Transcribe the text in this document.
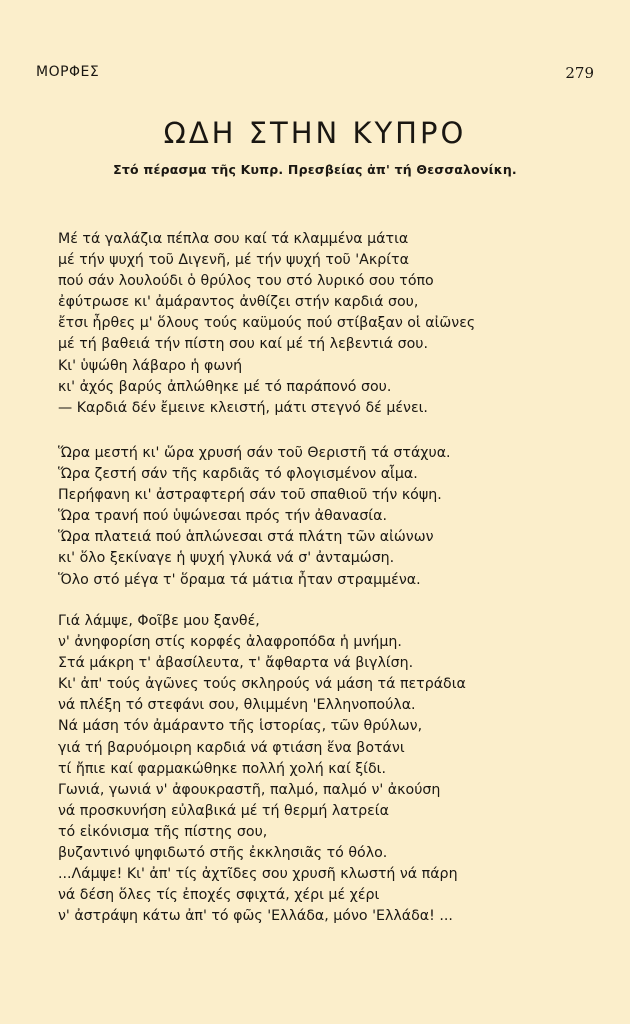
ΜΟΡΦΕΣ	279
ΩΔΗ ΣΤΗΝ ΚΥΠΡΟ
Στό πέρασμα τῆς Κυπρ. Πρεσβείας ἀπ' τή Θεσσαλονίκη.
Μέ τά γαλάζια πέπλα σου καί τά κλαμμένα μάτια
μέ τήν ψυχή τοῦ Διγενῆ, μέ τήν ψυχή τοῦ 'Ακρίτα
πού σάν λουλούδι ὁ θρύλος του στό λυρικό σου τόπο
ἐφύτρωσε κι' ἀμάραντος ἀνθίζει στήν καρδιά σου,
ἔτσι ἦρθες μ' ὅλους τούς καϋμούς πού στίβαξαν οἱ αἰῶνες
μέ τή βαθειά τήν πίστη σου καί μέ τή λεβεντιά σου.
Κι' ὑψώθη λάβαρο ἡ φωνή
κι' ἀχός βαρύς ἀπλώθηκε μέ τό παράπονό σου.
— Καρδιά δέν ἔμεινε κλειστή, μάτι στεγνό δέ μένει.
Ὥρα μεστή κι' ὥρα χρυσή σάν τοῦ Θεριστῆ τά στάχυα.
Ὥρα ζεστή σάν τῆς καρδιᾶς τό φλογισμένον αἷμα.
Περήφανη κι' ἀστραφτερή σάν τοῦ σπαθιοῦ τήν κόψη.
Ὥρα τρανή πού ὑψώνεσαι πρός τήν ἀθανασία.
Ὥρα πλατειά πού ἁπλώνεσαι στά πλάτη τῶν αἰώνων
κι' ὅλο ξεκίναγε ἡ ψυχή γλυκά νά σ' ἀνταμώση.
Ὅλο στό μέγα τ' ὅραμα τά μάτια ἦταν στραμμένα.
Γιά λάμψε, Φοῖβε μου ξανθέ,
ν' ἀνηφορίση στίς κορφές ἀλαφροπόδα ἡ μνήμη.
Στά μάκρη τ' ἀβασίλευτα, τ' ἄφθαρτα νά βιγλίση.
Κι' ἀπ' τούς ἀγῶνες τούς σκληρούς νά μάση τά πετράδια
νά πλέξη τό στεφάνι σου, θλιμμένη 'Ελληνοπούλα.
Νά μάση τόν ἀμάραντο τῆς ἱστορίας, τῶν θρύλων,
γιά τή βαρυόμοιρη καρδιά νά φτιάση ἕνα βοτάνι
τί ἤπιε καί φαρμακώθηκε πολλή χολή καί ξίδι.
Γωνιά, γωνιά ν' ἀφουκραστῆ, παλμό, παλμό ν' ἀκούση
νά προσκυνήση εὐλαβικά μέ τή θερμή λατρεία
τό εἰκόνισμα τῆς πίστης σου,
βυζαντινό ψηφιδωτό στῆς ἐκκλησιᾶς τό θόλο.
...Λάμψε! Κι' ἀπ' τίς ἀχτῖδες σου χρυσῆ κλωστή νά πάρη
νά δέση ὅλες τίς ἐποχές σφιχτά, χέρι μέ χέρι
ν' ἀστράψη κάτω ἀπ' τό φῶς 'Ελλάδα, μόνο 'Ελλάδα! ...
